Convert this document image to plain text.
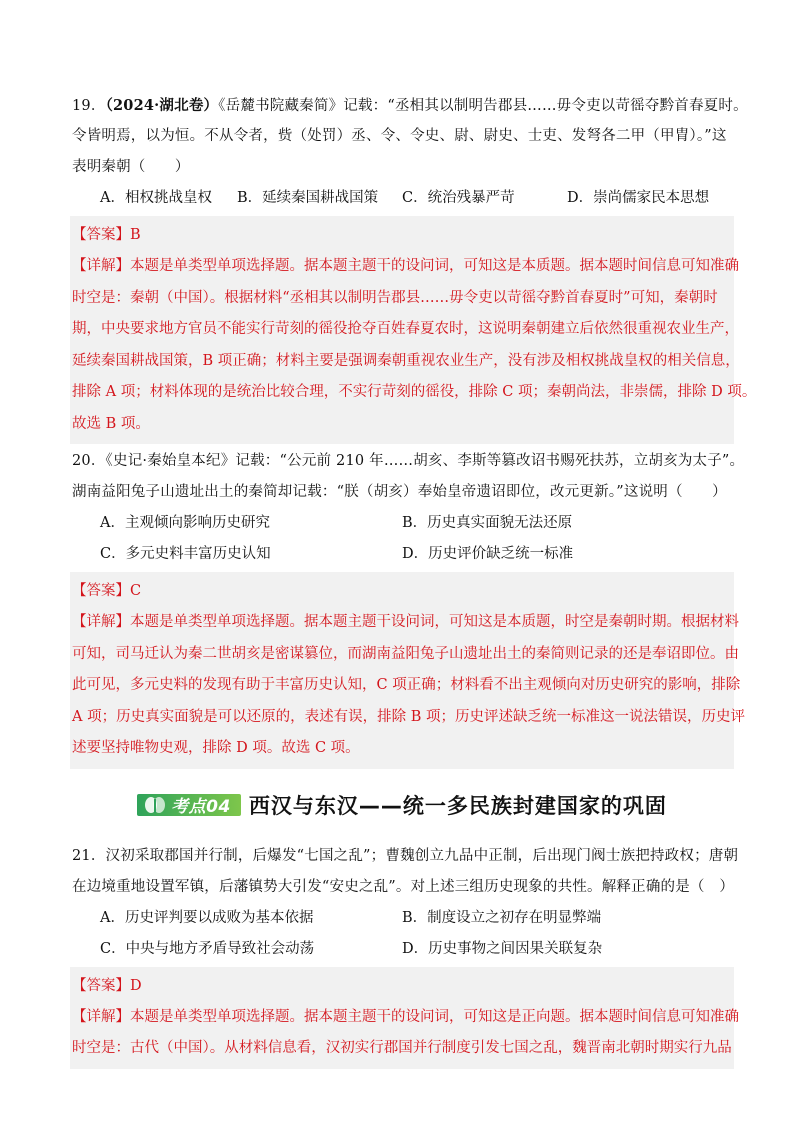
19．（2024·湖北卷）《岳麓书院藏秦简》记载：“丞相其以制明告郡县……毋令吏以苛徭夺黔首春夏时。
令皆明焉，以为恒。不从令者，赀（处罚）丞、令、令史、尉、尉史、士吏、发弩各二甲（甲胄）。”这
表明秦朝（　　）
A．相权挑战皇权	B．延续秦国耕战国策	C．统治残暴严苛	D．崇尚儒家民本思想
【答案】B
【详解】本题是单类型单项选择题。据本题主题干的设问词，可知这是本质题。据本题时间信息可知准确
时空是：秦朝（中国）。根据材料“丞相其以制明告郡县……毋令吏以苛徭夺黔首春夏时”可知，秦朝时
期，中央要求地方官员不能实行苛刻的徭役抢夺百姓春夏农时，这说明秦朝建立后依然很重视农业生产，
延续秦国耕战国策，B 项正确；材料主要是强调秦朝重视农业生产，没有涉及相权挑战皇权的相关信息，
排除 A 项；材料体现的是统治比较合理，不实行苛刻的徭役，排除 C 项；秦朝尚法，非崇儒，排除 D 项。
故选 B 项。
20．《史记·秦始皇本纪》记载：“公元前 210 年……胡亥、李斯等篡改诏书赐死扶苏，立胡亥为太子”。
湖南益阳兔子山遗址出土的秦简却记载：“朕（胡亥）奉始皇帝遗诏即位，改元更新。”这说明（　　）
A．主观倾向影响历史研究	B．历史真实面貌无法还原
C．多元史料丰富历史认知	D．历史评价缺乏统一标准
【答案】C
【详解】本题是单类型单项选择题。据本题主题干设问词，可知这是本质题，时空是秦朝时期。根据材料
可知，司马迁认为秦二世胡亥是密谋篡位，而湖南益阳兔子山遗址出土的秦简则记录的还是奉诏即位。由
此可见，多元史料的发现有助于丰富历史认知，C 项正确；材料看不出主观倾向对历史研究的影响，排除
A 项；历史真实面貌是可以还原的，表述有误，排除 B 项；历史评述缺乏统一标准这一说法错误，历史评
述要坚持唯物史观，排除 D 项。故选 C 项。
考点04 西汉与东汉——统一多民族封建国家的巩固
21．汉初采取郡国并行制，后爆发“七国之乱”；曹魏创立九品中正制，后出现门阀士族把持政权；唐朝
在边境重地设置军镇，后藩镇势大引发“安史之乱”。对上述三组历史现象的共性。解释正确的是（　）
A．历史评判要以成败为基本依据	B．制度设立之初存在明显弊端
C．中央与地方矛盾导致社会动荡	D．历史事物之间因果关联复杂
【答案】D
【详解】本题是单类型单项选择题。据本题主题干的设问词，可知这是正向题。据本题时间信息可知准确
时空是：古代（中国）。从材料信息看，汉初实行郡国并行制度引发七国之乱，魏晋南北朝时期实行九品
